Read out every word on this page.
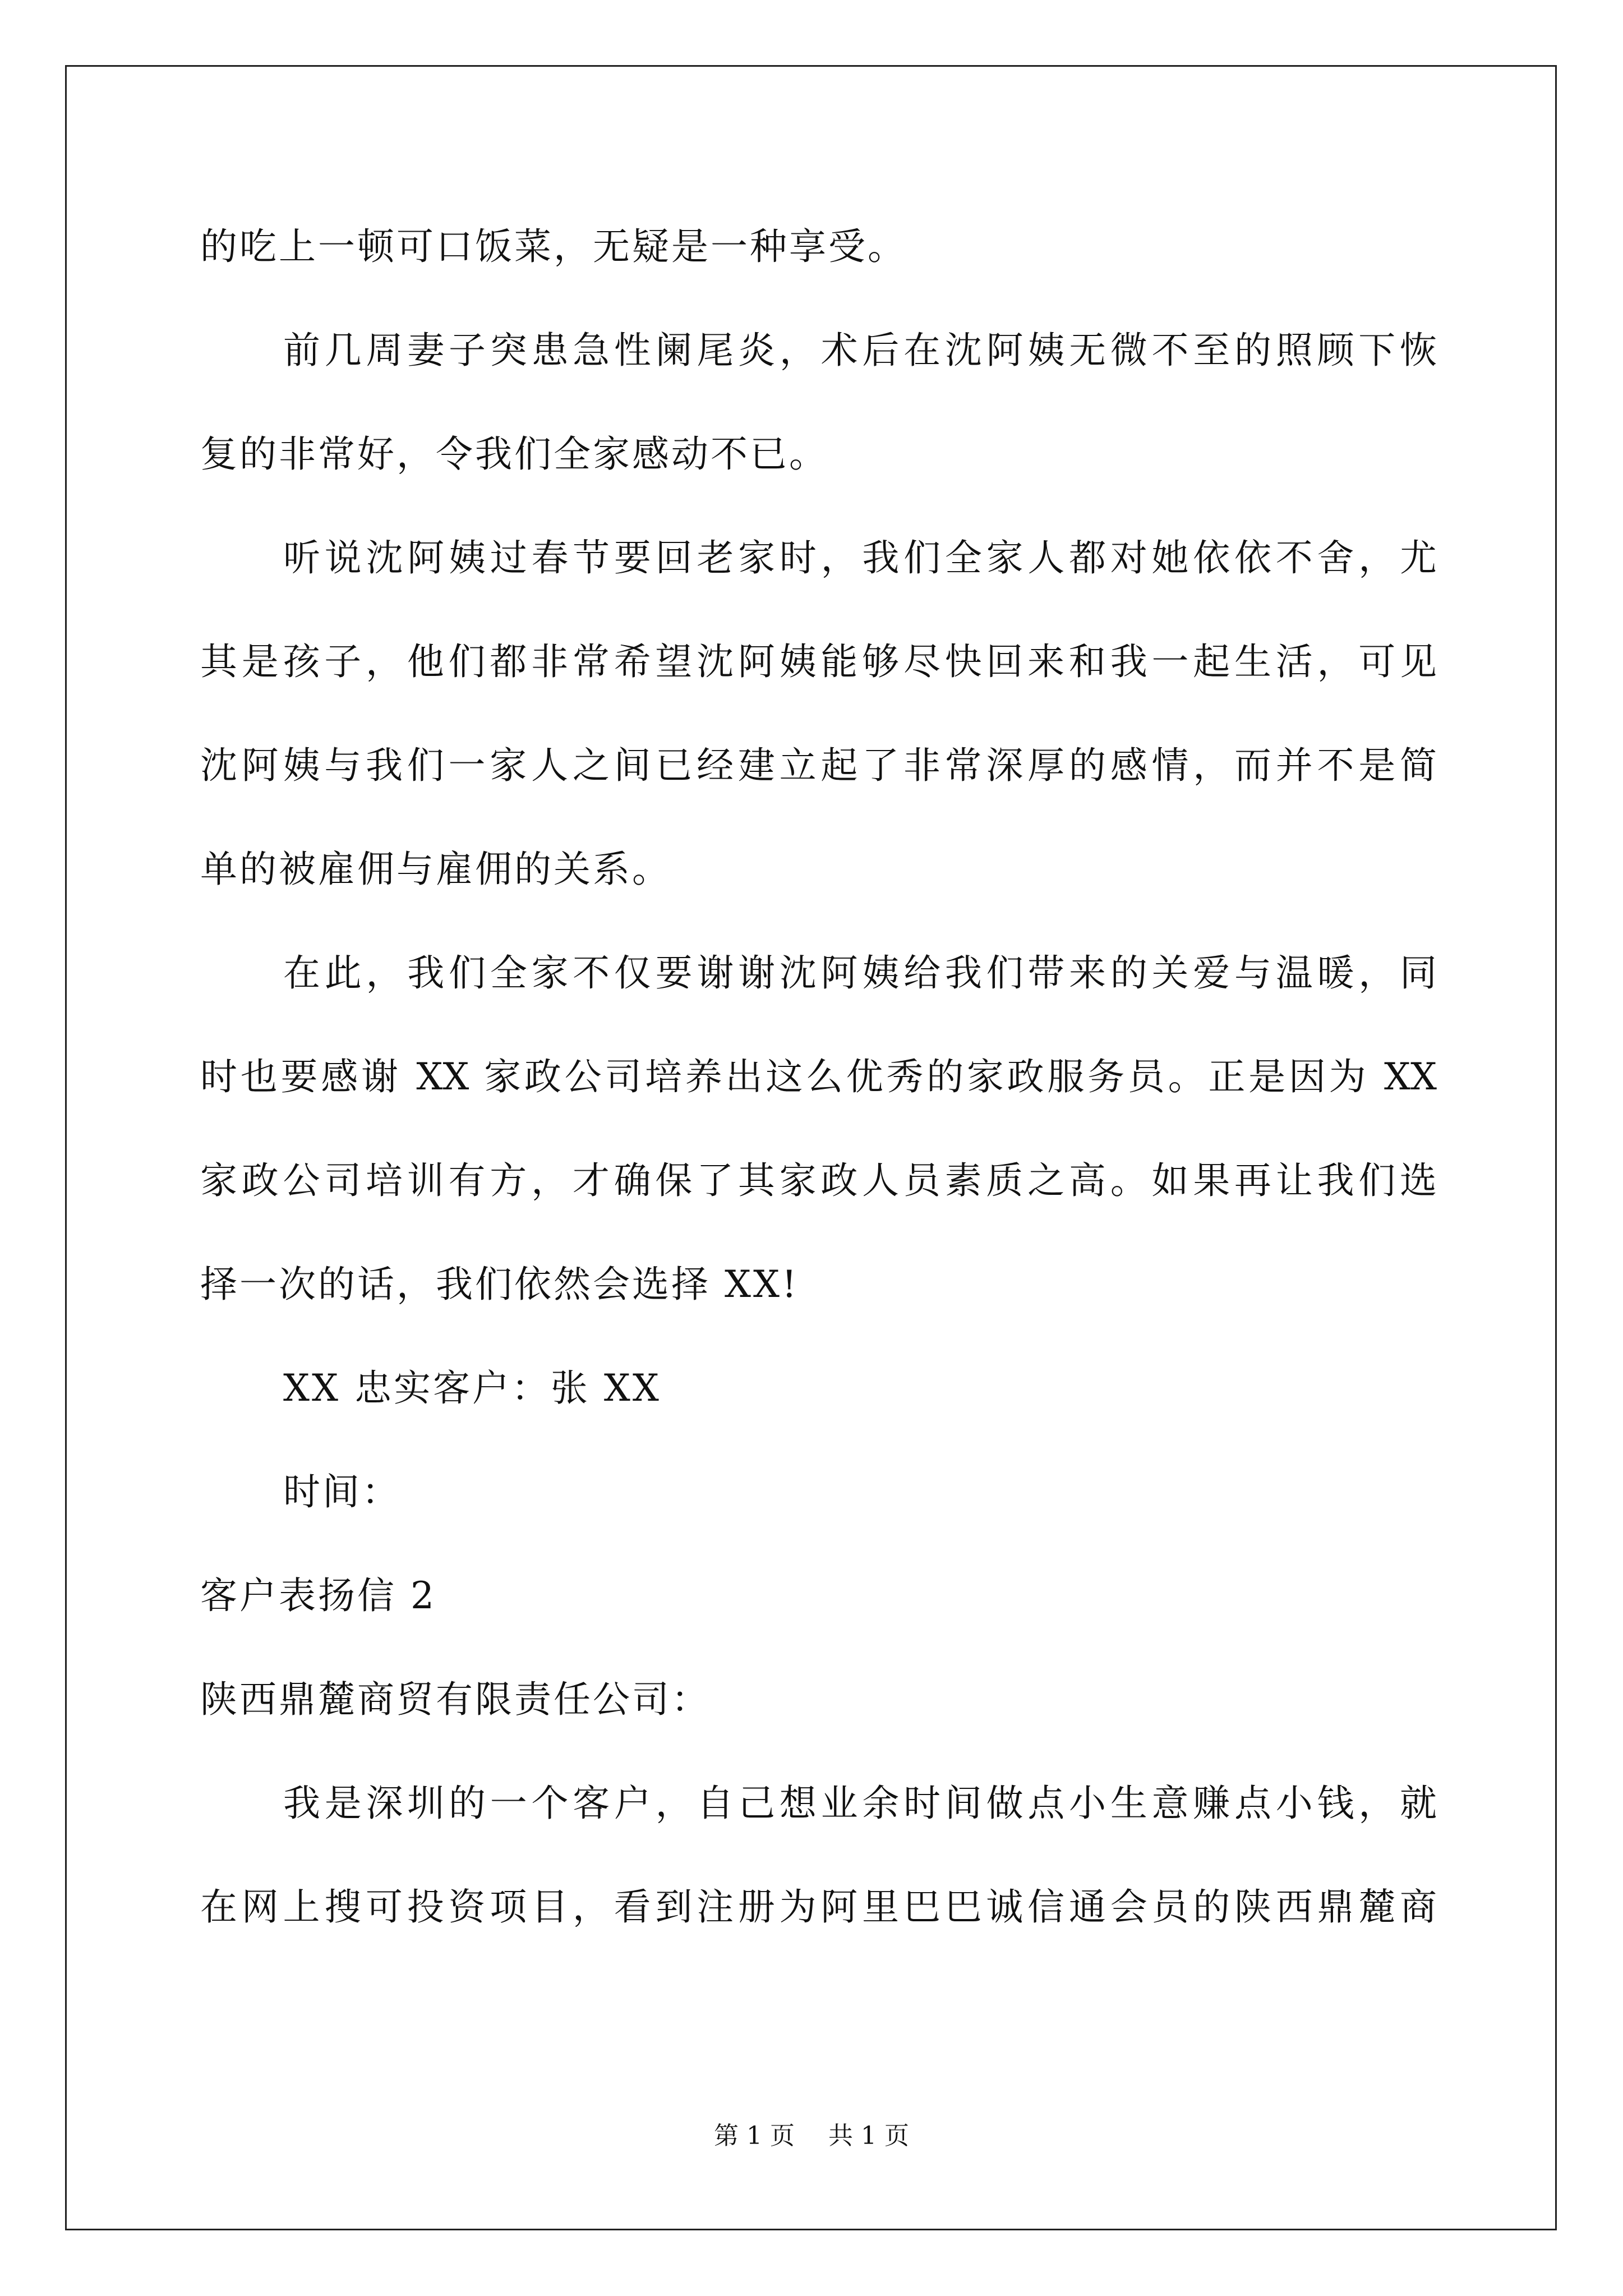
的吃上一顿可口饭菜，无疑是一种享受。
前几周妻子突患急性阑尾炎，术后在沈阿姨无微不至的照顾下恢
复的非常好，令我们全家感动不已。
听说沈阿姨过春节要回老家时，我们全家人都对她依依不舍，尤
其是孩子，他们都非常希望沈阿姨能够尽快回来和我一起生活，可见
沈阿姨与我们一家人之间已经建立起了非常深厚的感情，而并不是简
单的被雇佣与雇佣的关系。
在此，我们全家不仅要谢谢沈阿姨给我们带来的关爱与温暖，同
时也要感谢 XX 家政公司培养出这么优秀的家政服务员。正是因为 XX
家政公司培训有方，才确保了其家政人员素质之高。如果再让我们选
择一次的话，我们依然会选择 XX!
XX 忠实客户：张 XX
时间：
客户表扬信 2
陕西鼎麓商贸有限责任公司：
我是深圳的一个客户，自己想业余时间做点小生意赚点小钱，就
在网上搜可投资项目，看到注册为阿里巴巴诚信通会员的陕西鼎麓商
第 1 页 共 1 页
